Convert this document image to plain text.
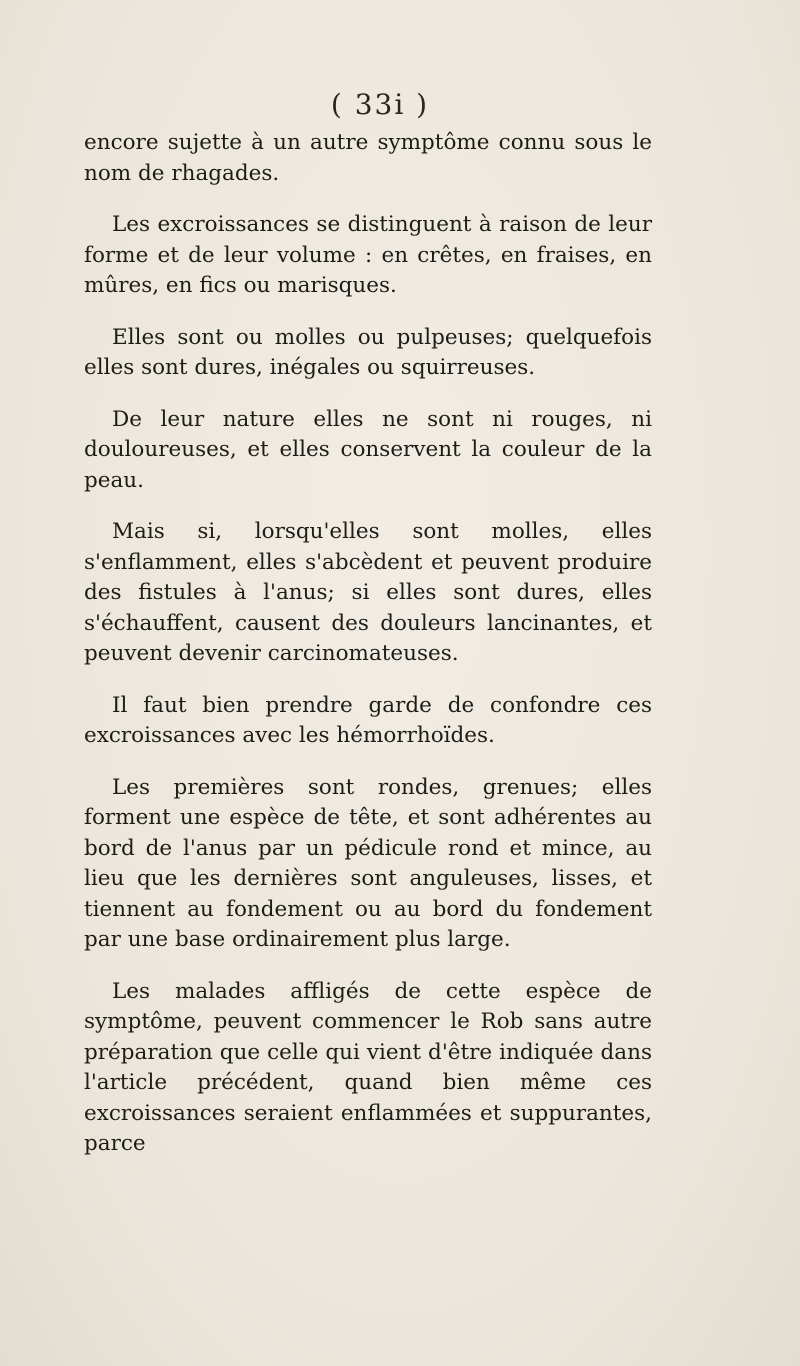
( 33i )

encore sujette à un autre symptôme connu sous le nom de rhagades.

Les excroissances se distinguent à raison de leur forme et de leur volume : en crêtes, en fraises, en mûres, en fics ou marisques.

Elles sont ou molles ou pulpeuses; quelquefois elles sont dures, inégales ou squirreuses.

De leur nature elles ne sont ni rouges, ni douloureuses, et elles conservent la couleur de la peau.

Mais si, lorsqu'elles sont molles, elles s'enflamment, elles s'abcèdent et peuvent produire des fistules à l'anus; si elles sont dures, elles s'échauffent, causent des douleurs lancinantes, et peuvent devenir carcinomateuses.

Il faut bien prendre garde de confondre ces excroissances avec les hémorrhoïdes.

Les premières sont rondes, grenues; elles forment une espèce de tête, et sont adhérentes au bord de l'anus par un pédicule rond et mince, au lieu que les dernières sont anguleuses, lisses, et tiennent au fondement ou au bord du fondement par une base ordinairement plus large.

Les malades affligés de cette espèce de symptôme, peuvent commencer le Rob sans autre préparation que celle qui vient d'être indiquée dans l'article précédent, quand bien même ces excroissances seraient enflammées et suppurantes, parce
